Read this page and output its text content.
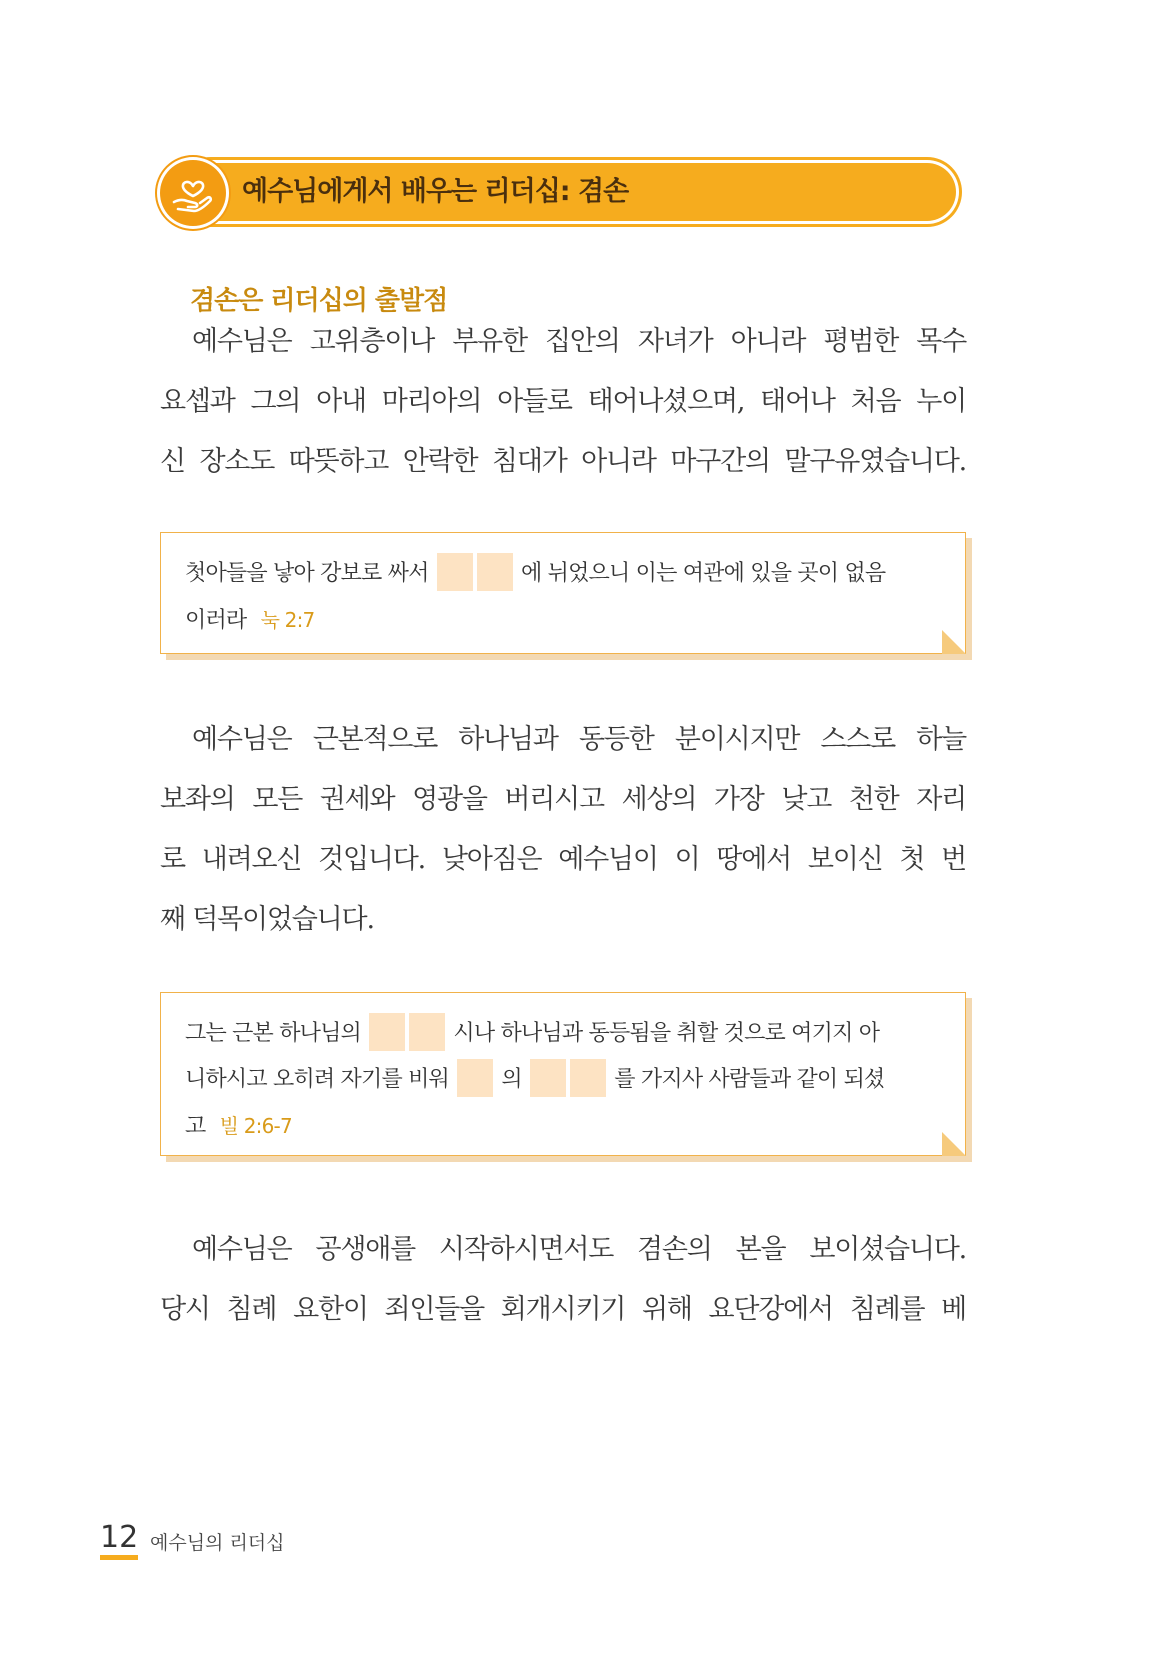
예수님에게서 배우는 리더십: 겸손
겸손은 리더십의 출발점
예수님은 고위층이나 부유한 집안의 자녀가 아니라 평범한 목수
요셉과 그의 아내 마리아의 아들로 태어나셨으며, 태어나 처음 누이
신 장소도 따뜻하고 안락한 침대가 아니라 마구간의 말구유였습니다.
첫아들을 낳아 강보로 싸서	에 뉘었으니 이는 여관에 있을 곳이 없음
이러라 눅 2:7
예수님은 근본적으로 하나님과 동등한 분이시지만 스스로 하늘
보좌의 모든 권세와 영광을 버리시고 세상의 가장 낮고 천한 자리
로 내려오신 것입니다. 낮아짐은 예수님이 이 땅에서 보이신 첫 번
째 덕목이었습니다.
그는 근본 하나님의	시나 하나님과 동등됨을 취할 것으로 여기지 아
니하시고 오히려 자기를 비워 의	를 가지사 사람들과 같이 되셨
고 빌 2:6-7
예수님은 공생애를 시작하시면서도 겸손의 본을 보이셨습니다.
당시 침례 요한이 죄인들을 회개시키기 위해 요단강에서 침례를 베
12 예수님의 리더십
